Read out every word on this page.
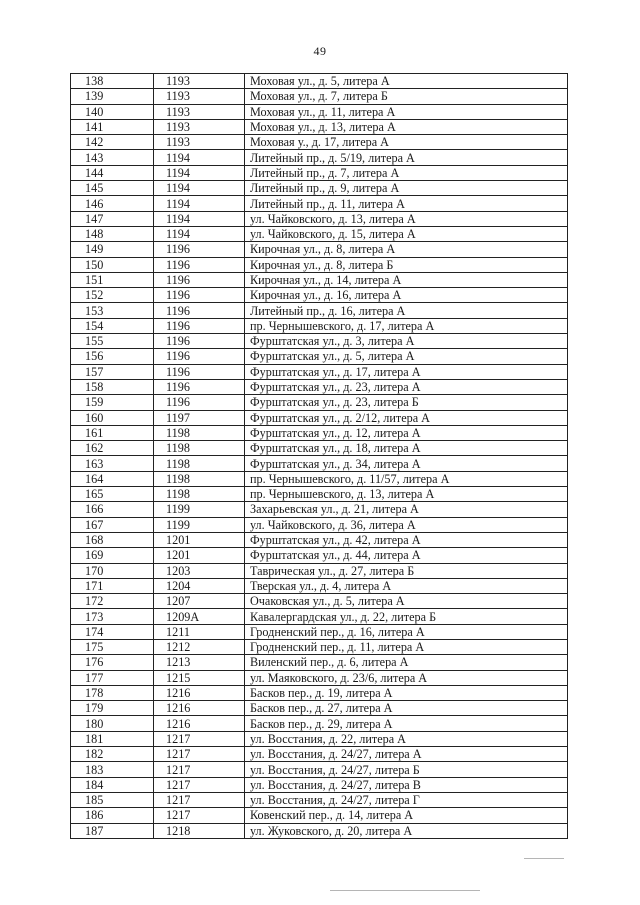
49
138	1193	Моховая ул., д. 5, литера А
139	1193	Моховая ул., д. 7, литера Б
140	1193	Моховая ул., д. 11, литера А
141	1193	Моховая ул., д. 13, литера А
142	1193	Моховая у., д. 17, литера А
143	1194	Литейный пр., д. 5/19, литера А
144	1194	Литейный пр., д. 7, литера А
145	1194	Литейный пр., д. 9, литера А
146	1194	Литейный пр., д. 11, литера А
147	1194	ул. Чайковского, д. 13, литера А
148	1194	ул. Чайковского, д. 15, литера А
149	1196	Кирочная ул., д. 8, литера А
150	1196	Кирочная ул., д. 8, литера Б
151	1196	Кирочная ул., д. 14, литера А
152	1196	Кирочная ул., д. 16, литера А
153	1196	Литейный пр., д. 16, литера А
154	1196	пр. Чернышевского, д. 17, литера А
155	1196	Фурштатская ул., д. 3, литера А
156	1196	Фурштатская ул., д. 5, литера А
157	1196	Фурштатская ул., д. 17, литера А
158	1196	Фурштатская ул., д. 23, литера А
159	1196	Фурштатская ул., д. 23, литера Б
160	1197	Фурштатская ул., д. 2/12, литера А
161	1198	Фурштатская ул., д. 12, литера А
162	1198	Фурштатская ул., д. 18, литера А
163	1198	Фурштатская ул., д. 34, литера А
164	1198	пр. Чернышевского, д. 11/57, литера А
165	1198	пр. Чернышевского, д. 13, литера А
166	1199	Захарьевская ул., д. 21, литера А
167	1199	ул. Чайковского, д. 36, литера А
168	1201	Фурштатская ул., д. 42, литера А
169	1201	Фурштатская ул., д. 44, литера А
170	1203	Таврическая ул., д. 27, литера Б
171	1204	Тверская ул., д. 4, литера А
172	1207	Очаковская ул., д. 5, литера А
173	1209А	Кавалергардская ул., д. 22, литера Б
174	1211	Гродненский пер., д. 16, литера А
175	1212	Гродненский пер., д. 11, литера А
176	1213	Виленский пер., д. 6, литера А
177	1215	ул. Маяковского, д. 23/6, литера А
178	1216	Басков пер., д. 19, литера А
179	1216	Басков пер., д. 27, литера А
180	1216	Басков пер., д. 29, литера А
181	1217	ул. Восстания, д. 22, литера А
182	1217	ул. Восстания, д. 24/27, литера А
183	1217	ул. Восстания, д. 24/27, литера Б
184	1217	ул. Восстания, д. 24/27, литера В
185	1217	ул. Восстания, д. 24/27, литера Г
186	1217	Ковенский пер., д. 14, литера А
187	1218	ул. Жуковского, д. 20, литера А
